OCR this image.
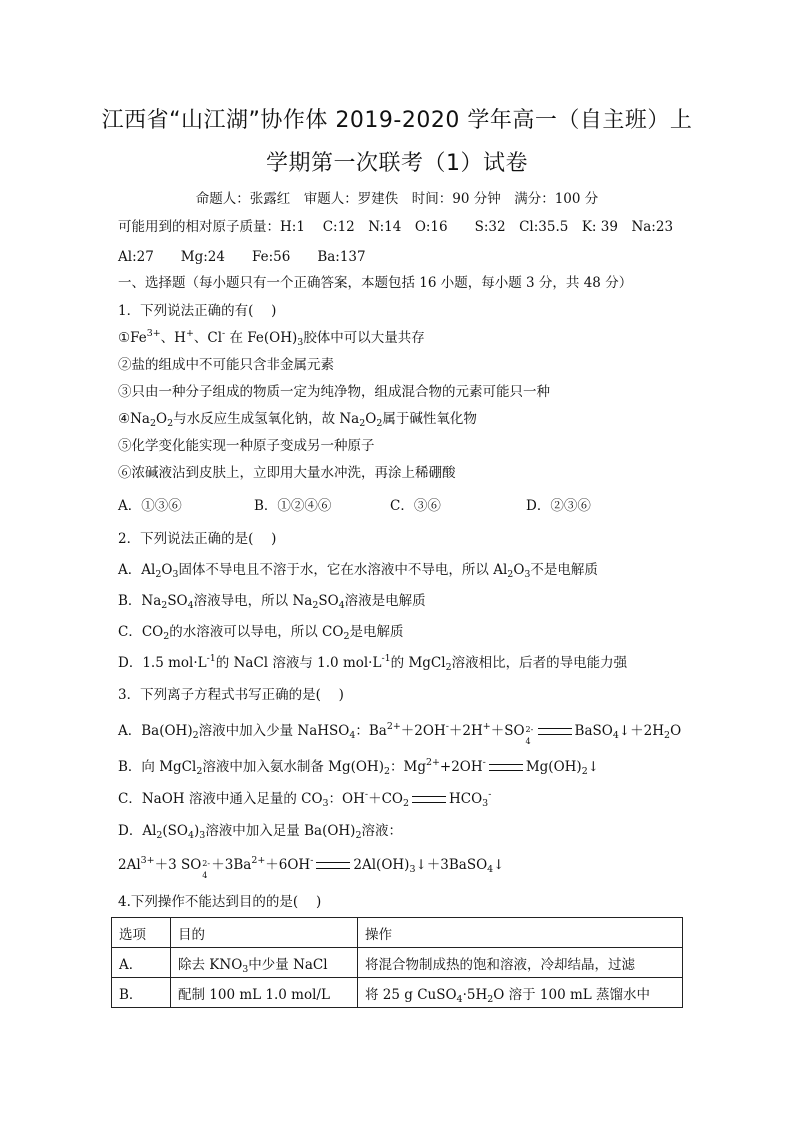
江西省“山江湖”协作体 2019-2020 学年高一（自主班）上
学期第一次联考（1）试卷
命题人：张露红　审题人：罗建佚　时间：90 分钟　满分：100 分
可能用到的相对原子质量：H:1　 C:12　N:14　O:16　　S:32　Cl:35.5　K: 39　Na:23
Al:27　　Mg:24　　Fe:56　　Ba:137
一、选择题（每小题只有一个正确答案，本题包括 16 小题，每小题 3 分，共 48 分）
1．下列说法正确的有(　 )
$①Fe^{3+}$、H+、Cl- 在 $Fe(OH)_3$胶体中可以大量共存
②盐的组成中不可能只含非金属元素
③只由一种分子组成的物质一定为纯净物，组成混合物的元素可能只一种
$④Na_2O_2$与水反应生成氢氧化钠，故 $Na_2O_2$属于碱性氧化物
⑤化学变化能实现一种原子变成另一种原子
⑥浓碱液沾到皮肤上，立即用大量水冲洗，再涂上稀硼酸
A．①③⑥	B．①②④⑥	C．③⑥	D．②③⑥
2．下列说法正确的是(　 )
A．$Al_2O_3$固体不导电且不溶于水，它在水溶液中不导电，所以 $Al_2O_3$不是电解质
B．$Na_2SO_4$溶液导电，所以 $Na_2SO_4$溶液是电解质
C．$CO_2$的水溶液可以导电，所以 $CO_2$是电解质
D．1.5 $mol\cdot L^{-1}$的 NaCl 溶液与 1.0 $mol\cdot L^{-1}$的 MgCl$_2$溶液相比，后者的导电能力强
3．下列离子方程式书写正确的是(　 )
A．$Ba(OH)_2$溶液中加入少量 NaHSO$_4$：$Ba^{2+}+2OH^-+2H^++SO$ 2-
4
$BaSO_4↓+2H_2O$
B．向 MgCl$_2$溶液中加入氨水制备 $Mg(OH)_2$：$Mg^{2+}+2OH^-$	$Mg(OH)_2↓$
C．NaOH 溶液中通入足量的 $CO_3$：$OH^-+CO_2$	$HCO_3^-$
D．$Al_2(SO_4)_3$溶液中加入足量 $Ba(OH)_2$溶液：
$2Al^{3+}+3$ SO 2-
4
$+3Ba^{2+}+6OH^-$	$2Al(OH)_3↓+3BaSO_4↓$
4.下列操作不能达到目的的是(　 )
选项	目的	操作
A．	除去 $KNO_3$中少量 NaCl	将混合物制成热的饱和溶液，冷却结晶，过滤
B．	配制 100 mL 1.0 mol/L	将 25 g $CuSO_4\cdot 5H_2O$ 溶于 100 mL 蒸馏水中
